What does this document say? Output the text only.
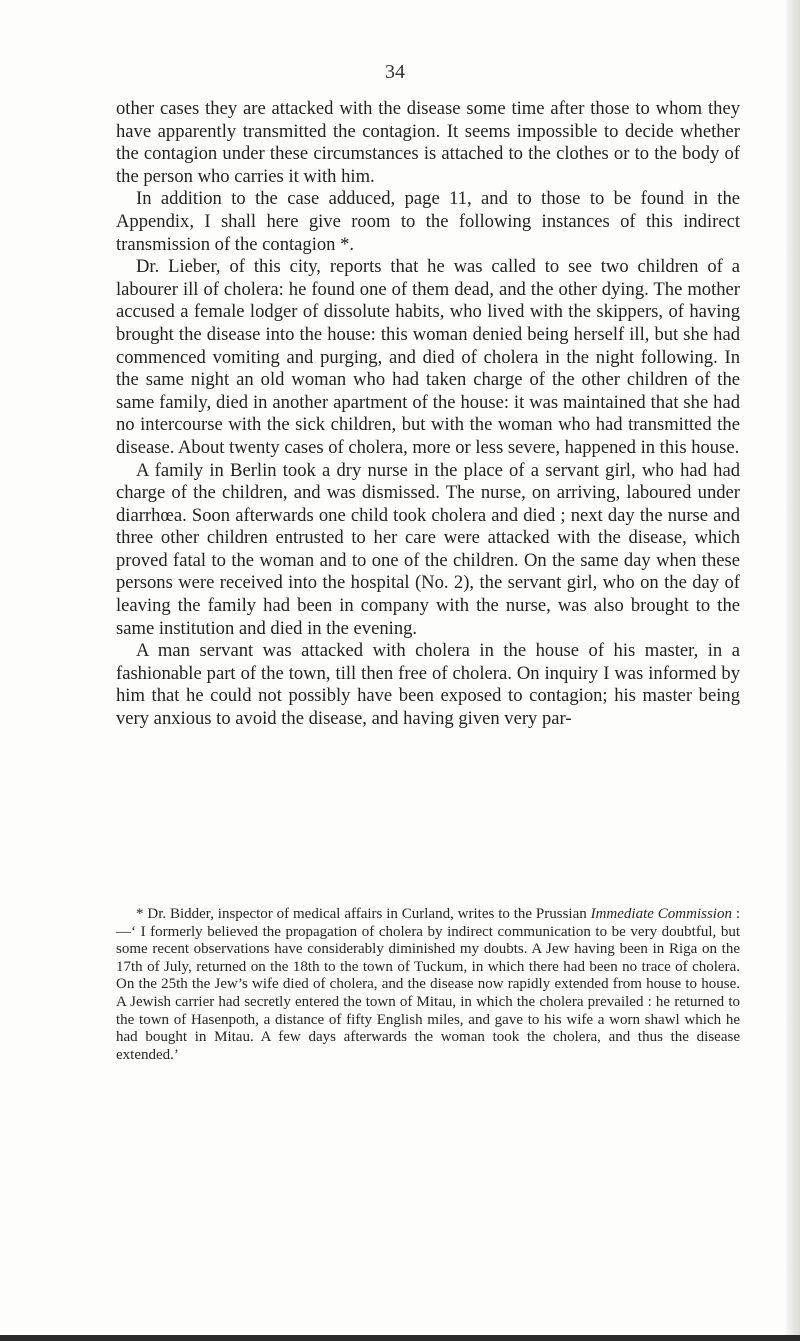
34

other cases they are attacked with the disease some time after those to whom they have apparently transmitted the contagion. It seems impossible to decide whether the contagion under these circumstances is attached to the clothes or to the body of the person who carries it with him.

In addition to the case adduced, page 11, and to those to be found in the Appendix, I shall here give room to the following instances of this indirect transmission of the contagion *.

Dr. Lieber, of this city, reports that he was called to see two children of a labourer ill of cholera: he found one of them dead, and the other dying. The mother accused a female lodger of dissolute habits, who lived with the skippers, of having brought the disease into the house: this woman denied being herself ill, but she had commenced vomiting and purging, and died of cholera in the night following. In the same night an old woman who had taken charge of the other children of the same family, died in another apartment of the house: it was maintained that she had no intercourse with the sick children, but with the woman who had transmitted the disease. About twenty cases of cholera, more or less severe, happened in this house.

A family in Berlin took a dry nurse in the place of a servant girl, who had had charge of the children, and was dismissed. The nurse, on arriving, laboured under diarrhœa. Soon afterwards one child took cholera and died ; next day the nurse and three other children entrusted to her care were attacked with the disease, which proved fatal to the woman and to one of the children. On the same day when these persons were received into the hospital (No. 2), the servant girl, who on the day of leaving the family had been in company with the nurse, was also brought to the same institution and died in the evening.

A man servant was attacked with cholera in the house of his master, in a fashionable part of the town, till then free of cholera. On inquiry I was informed by him that he could not possibly have been exposed to contagion; his master being very anxious to avoid the disease, and having given very par-

* Dr. Bidder, inspector of medical affairs in Curland, writes to the Prussian Immediate Commission :—‘ I formerly believed the propagation of cholera by indirect communication to be very doubtful, but some recent observations have considerably diminished my doubts. A Jew having been in Riga on the 17th of July, returned on the 18th to the town of Tuckum, in which there had been no trace of cholera. On the 25th the Jew’s wife died of cholera, and the disease now rapidly extended from house to house. A Jewish carrier had secretly entered the town of Mitau, in which the cholera prevailed : he returned to the town of Hasenpoth, a distance of fifty English miles, and gave to his wife a worn shawl which he had bought in Mitau. A few days afterwards the woman took the cholera, and thus the disease extended.’
